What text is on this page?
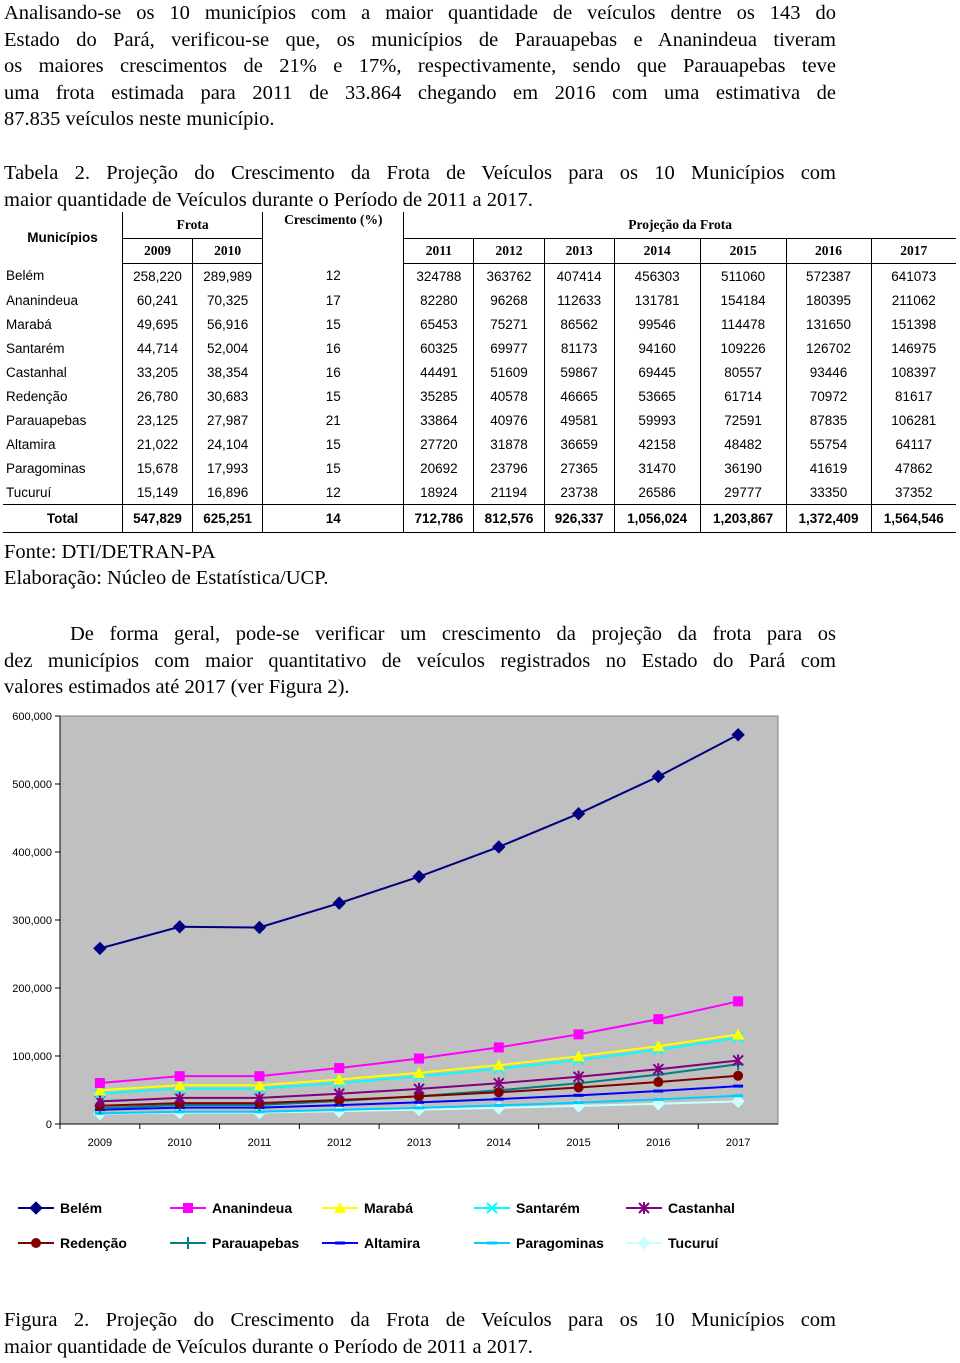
Analisando-se os 10 municípios com a maior quantidade de veículos dentre os 143 do
Estado do Pará, verificou-se que, os municípios de Parauapebas e Ananindeua tiveram
os maiores crescimentos de 21% e 17%, respectivamente, sendo que Parauapebas teve
uma frota estimada para 2011 de 33.864 chegando em 2016 com uma estimativa de
87.835 veículos neste município.
Tabela 2. Projeção do Crescimento da Frota de Veículos para os 10 Municípios com
maior quantidade de Veículos durante o Período de 2011 a 2017.
Municípios	Frota		Crescimento (%)	Projeção da Frota						
	2009	2010		2011	2012	2013	2014	2015	2016	2017
Belém	258,220	289,989	12	324788	363762	407414	456303	511060	572387	641073
Ananindeua	60,241	70,325	17	82280	96268	112633	131781	154184	180395	211062
Marabá	49,695	56,916	15	65453	75271	86562	99546	114478	131650	151398
Santarém	44,714	52,004	16	60325	69977	81173	94160	109226	126702	146975
Castanhal	33,205	38,354	16	44491	51609	59867	69445	80557	93446	108397
Redenção	26,780	30,683	15	35285	40578	46665	53665	61714	70972	81617
Parauapebas	23,125	27,987	21	33864	40976	49581	59993	72591	87835	106281
Altamira	21,022	24,104	15	27720	31878	36659	42158	48482	55754	64117
Paragominas	15,678	17,993	15	20692	23796	27365	31470	36190	41619	47862
Tucuruí	15,149	16,896	12	18924	21194	23738	26586	29777	33350	37352
Total	547,829	625,251	14	712,786	812,576	926,337	1,056,024	1,203,867	1,372,409	1,564,546
Fonte: DTI/DETRAN-PA
Elaboração: Núcleo de Estatística/UCP.
De forma geral, pode-se verificar um crescimento da projeção da frota para os
dez municípios com maior quantitativo de veículos registrados no Estado do Pará com
valores estimados até 2017 (ver Figura 2).
0
100,000
200,000
300,000
400,000
500,000
600,000
2009	2010	2011	2012	2013	2014	2015	2016	2017
Belém	Ananindeua	Marabá	Santarém	Castanhal
Redenção	Parauapebas	Altamira	Paragominas	Tucuruí
Figura 2. Projeção do Crescimento da Frota de Veículos para os 10 Municípios com
maior quantidade de Veículos durante o Período de 2011 a 2017.
